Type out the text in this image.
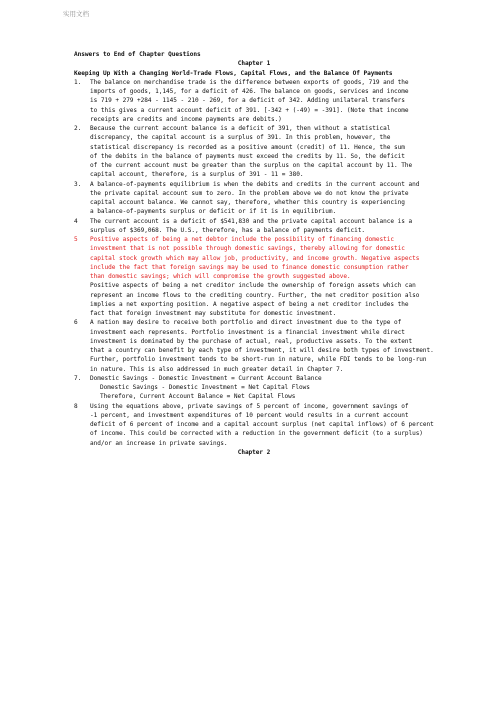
实用文档
Answers to End of Chapter Questions
Chapter 1
Keeping Up With a Changing World-Trade Flows, Capital Flows, and the Balance Of Payments
1. The balance on merchandise trade is the difference between exports of goods, 719 and the
imports of goods, 1,145, for a deficit of 426. The balance on goods, services and income
is 719 + 279 +284 - 1145 - 210 - 269, for a deficit of 342. Adding unilateral transfers
to this gives a current account deficit of 391. [-342 + (-49) = -391]. (Note that income
receipts are credits and income payments are debits.)
2. Because the current account balance is a deficit of 391, then without a statistical
discrepancy, the capital account is a surplus of 391. In this problem, however, the
statistical discrepancy is recorded as a positive amount (credit) of 11. Hence, the sum
of the debits in the balance of payments must exceed the credits by 11. So, the deficit
of the current account must be greater than the surplus on the capital account by 11. The
capital account, therefore, is a surplus of 391 - 11 = 380.
3. A balance-of-payments equilibrium is when the debits and credits in the current account and
the private capital account sum to zero. In the problem above we do not know the private
capital account balance. We cannot say, therefore, whether this country is experiencing
a balance-of-payments surplus or deficit or if it is in equilibrium.
4 The current account is a deficit of $541,830 and the private capital account balance is a
surplus of $369,068. The U.S., therefore, has a balance of payments deficit.
5 Positive aspects of being a net debtor include the possibility of financing domestic
investment that is not possible through domestic savings, thereby allowing for domestic
capital stock growth which may allow job, productivity, and income growth. Negative aspects
include the fact that foreign savings may be used to finance domestic consumption rather
than domestic savings; which will compromise the growth suggested above.
Positive aspects of being a net creditor include the ownership of foreign assets which can
represent an income flows to the crediting country. Further, the net creditor position also
implies a net exporting position. A negative aspect of being a net creditor includes the
fact that foreign investment may substitute for domestic investment.
6 A nation may desire to receive both portfolio and direct investment due to the type of
investment each represents. Portfolio investment is a financial investment while direct
investment is dominated by the purchase of actual, real, productive assets. To the extent
that a country can benefit by each type of investment, it will desire both types of investment.
Further, portfolio investment tends to be short-run in nature, while FDI tends to be long-run
in nature. This is also addressed in much greater detail in Chapter 7.
7. Domestic Savings - Domestic Investment = Current Account Balance
Domestic Savings - Domestic Investment = Net Capital Flows
Therefore, Current Account Balance = Net Capital Flows
8 Using the equations above, private savings of 5 percent of income, government savings of
-1 percent, and investment expenditures of 10 percent would results in a current account
deficit of 6 percent of income and a capital account surplus (net capital inflows) of 6 percent
of income. This could be corrected with a reduction in the government deficit (to a surplus)
and/or an increase in private savings.
Chapter 2
